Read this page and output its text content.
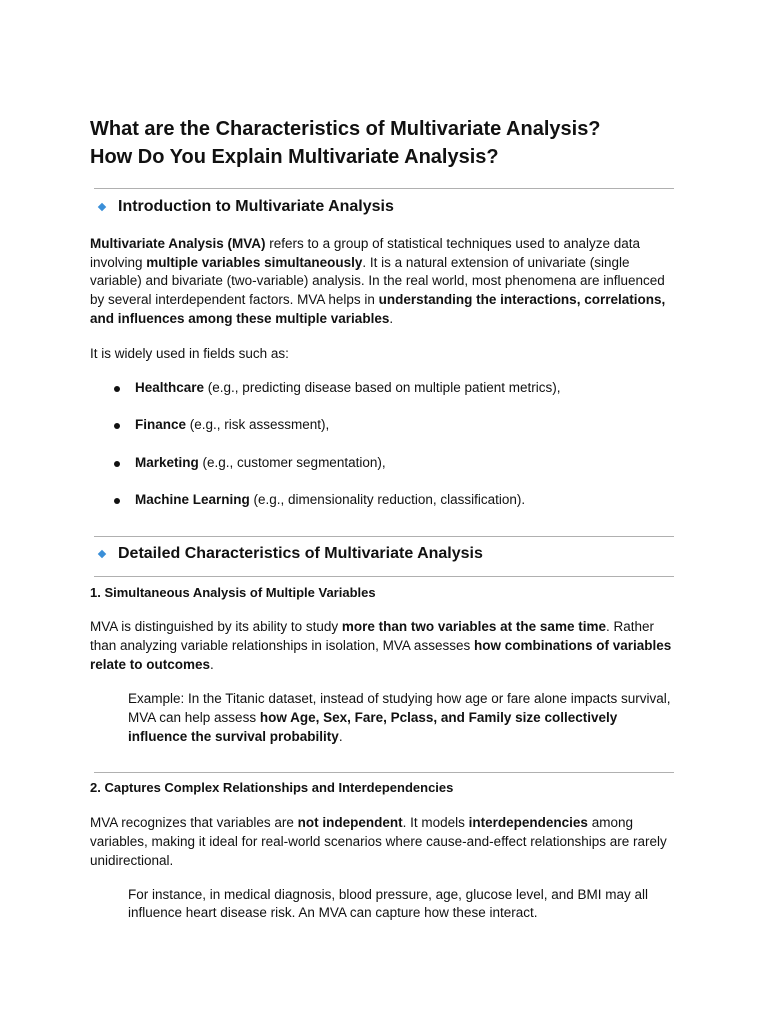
What are the Characteristics of Multivariate Analysis?
How Do You Explain Multivariate Analysis?
Introduction to Multivariate Analysis

Multivariate Analysis (MVA) refers to a group of statistical techniques used to analyze data involving multiple variables simultaneously. It is a natural extension of univariate (single variable) and bivariate (two-variable) analysis. In the real world, most phenomena are influenced by several interdependent factors. MVA helps in understanding the interactions, correlations, and influences among these multiple variables.

It is widely used in fields such as:

Healthcare (e.g., predicting disease based on multiple patient metrics),
Finance (e.g., risk assessment),
Marketing (e.g., customer segmentation),
Machine Learning (e.g., dimensionality reduction, classification).
Detailed Characteristics of Multivariate Analysis
1. Simultaneous Analysis of Multiple Variables

MVA is distinguished by its ability to study more than two variables at the same time. Rather than analyzing variable relationships in isolation, MVA assesses how combinations of variables relate to outcomes.

Example: In the Titanic dataset, instead of studying how age or fare alone impacts survival, MVA can help assess how Age, Sex, Fare, Pclass, and Family size collectively influence the survival probability.

2. Captures Complex Relationships and Interdependencies

MVA recognizes that variables are not independent. It models interdependencies among variables, making it ideal for real-world scenarios where cause-and-effect relationships are rarely unidirectional.

For instance, in medical diagnosis, blood pressure, age, glucose level, and BMI may all influence heart disease risk. An MVA can capture how these interact.
